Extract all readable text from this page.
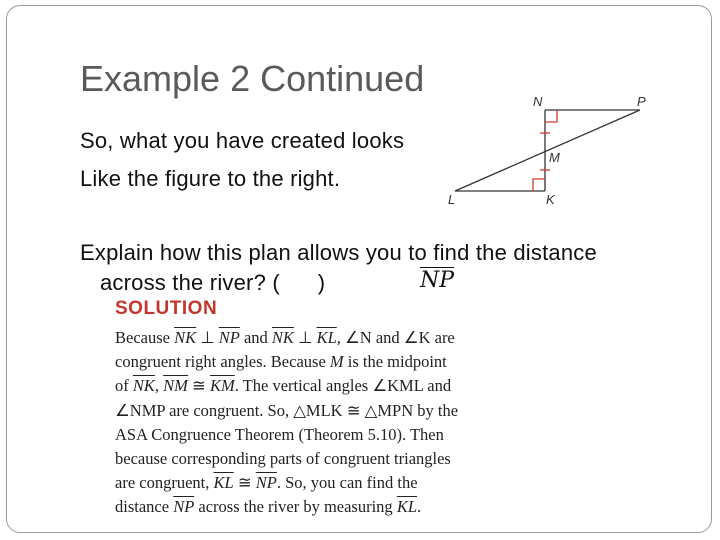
Example 2 Continued
So, what you have created looks
Like the figure to the right.
N	P
M
L	K
Explain how this plan allows you to find the distance
across the river? (      )	NP
SOLUTION
Because $\overline{NK}$ ⊥ $\overline{NP}$ and $\overline{NK}$ ⊥ $\overline{KL}$, ∠N and ∠K are
congruent right angles. Because M is the midpoint
of $\overline{NK}$, $\overline{NM}$ ≅ $\overline{KM}$. The vertical angles ∠KML and
∠NMP are congruent. So, △MLK ≅ △MPN by the
ASA Congruence Theorem (Theorem 5.10). Then
because corresponding parts of congruent triangles
are congruent, $\overline{KL}$ ≅ $\overline{NP}$. So, you can find the
distance $\overline{NP}$ across the river by measuring $\overline{KL}$.
